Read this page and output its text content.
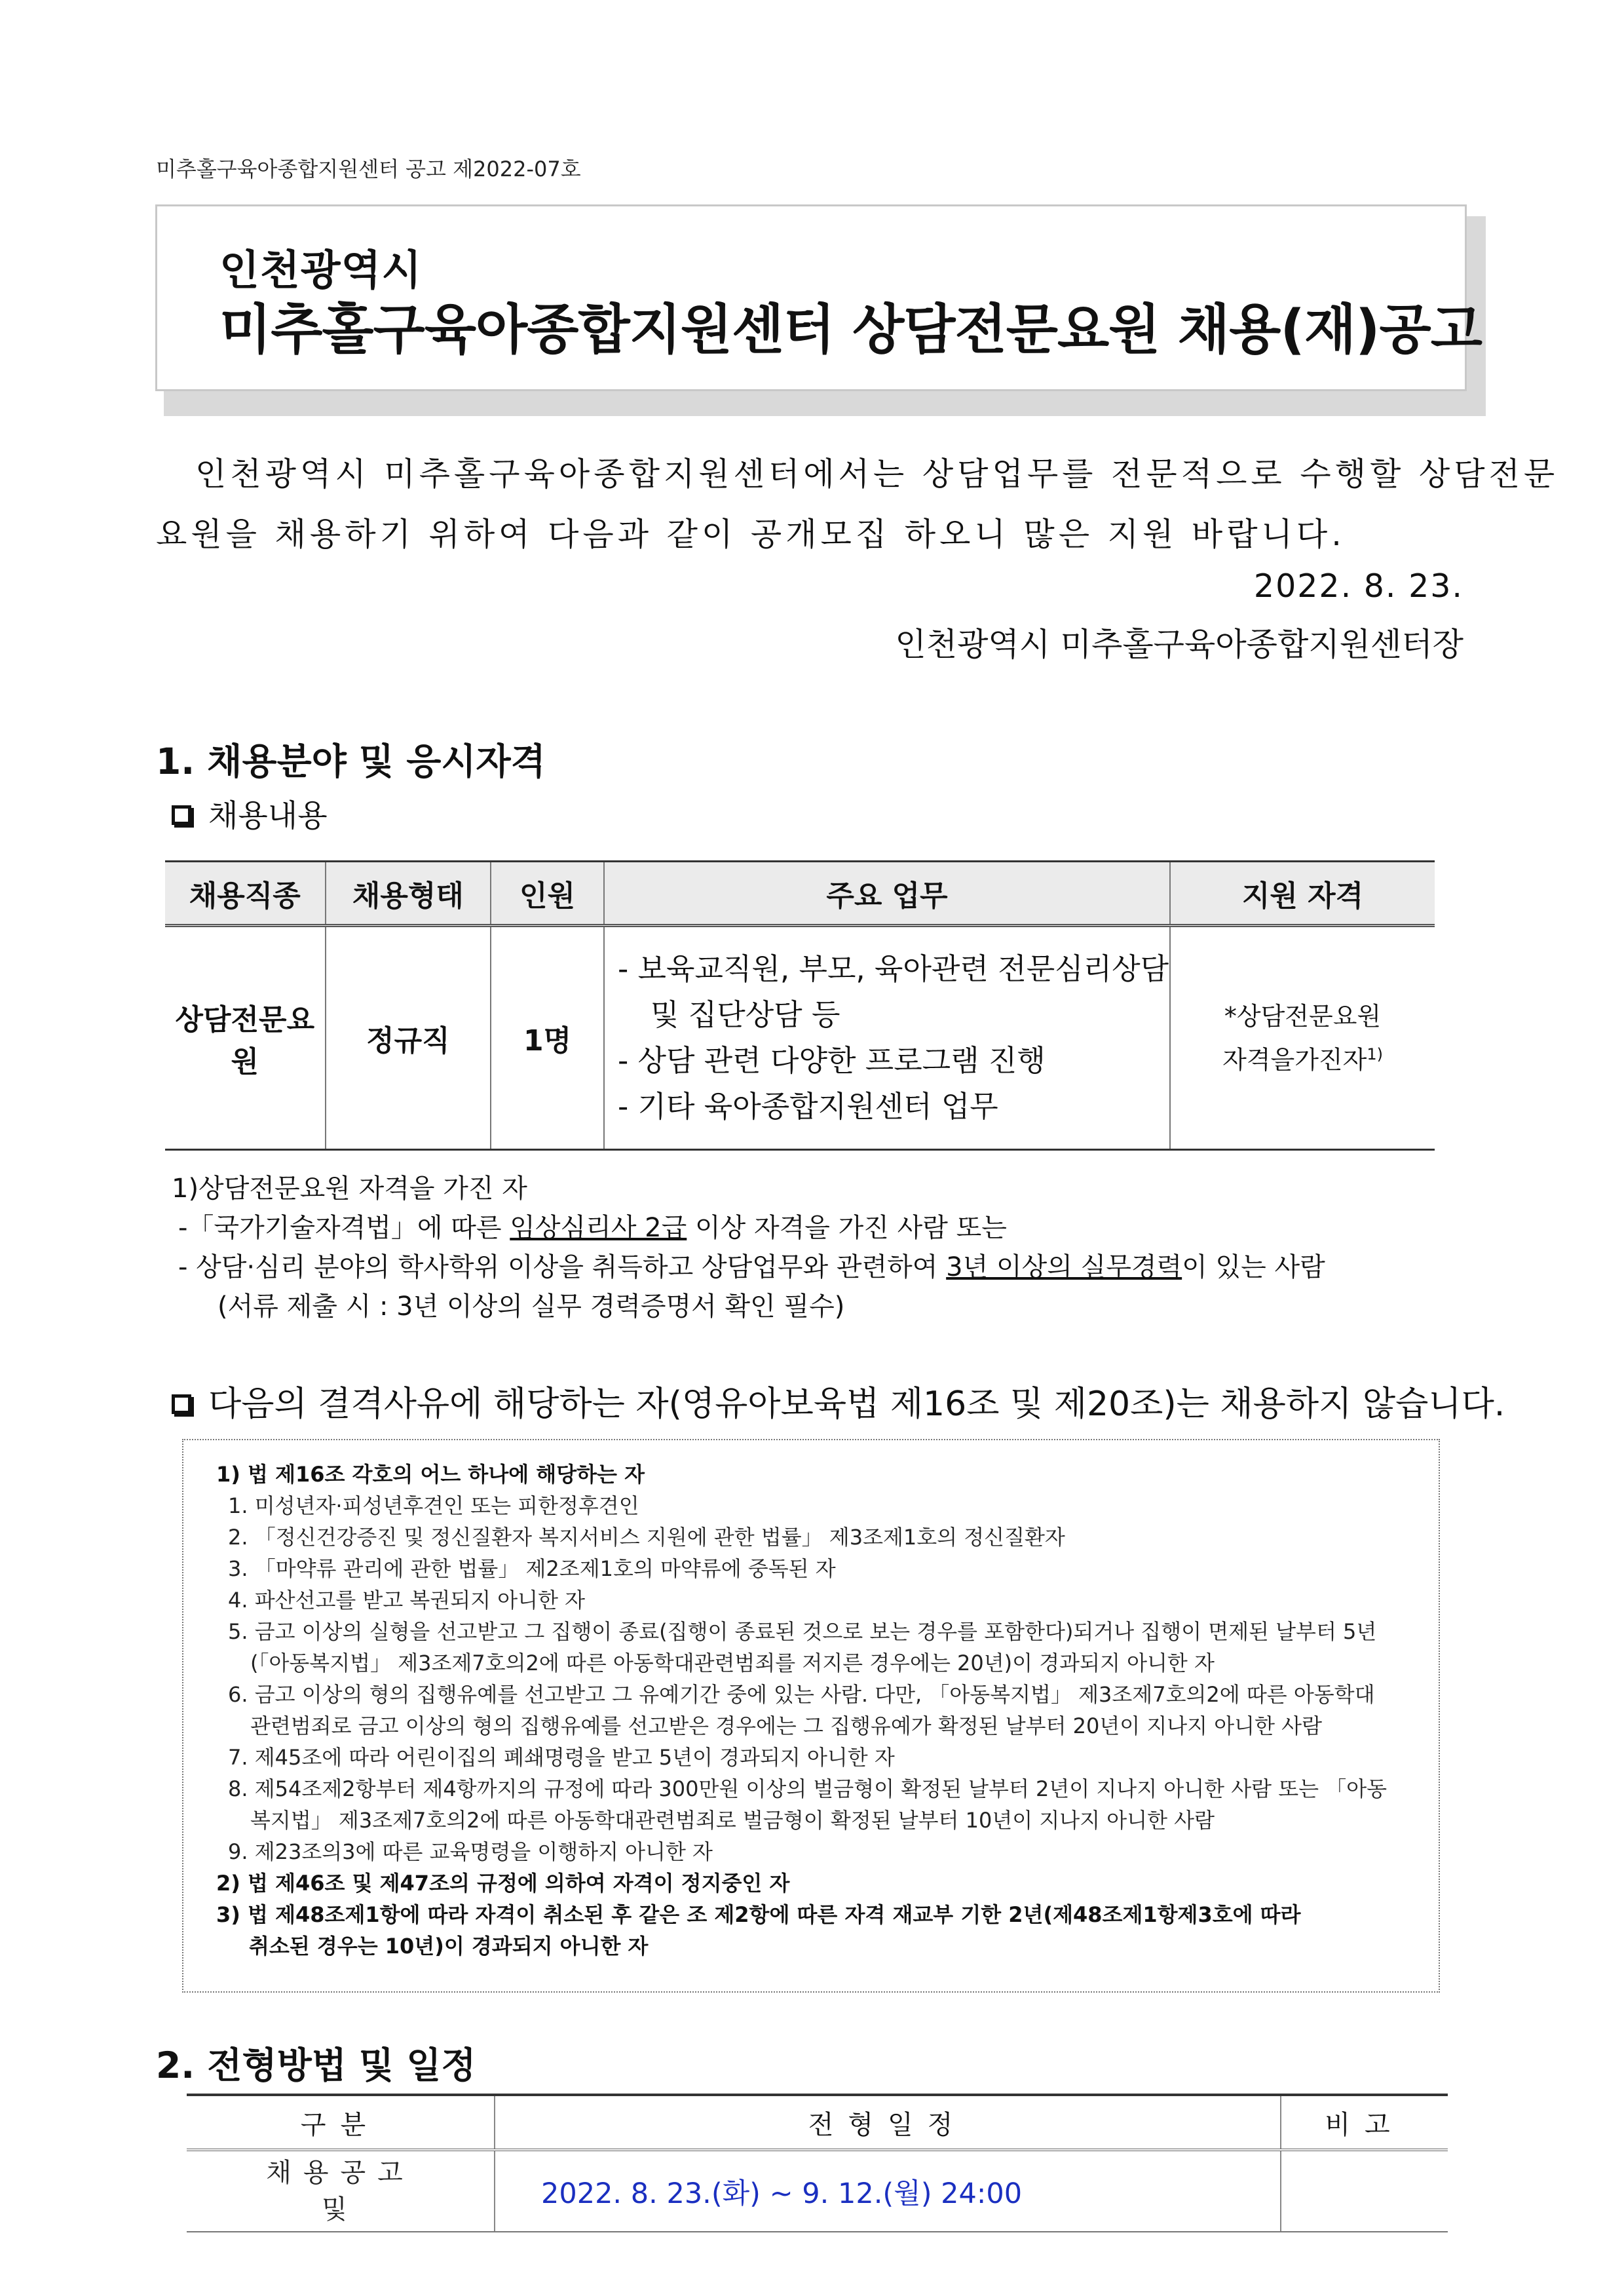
미추홀구육아종합지원센터 공고 제2022-07호
인천광역시
미추홀구육아종합지원센터 상담전문요원 채용(재)공고
인천광역시 미추홀구육아종합지원센터에서는 상담업무를 전문적으로 수행할 상담전문
요원을 채용하기 위하여 다음과 같이 공개모집 하오니 많은 지원 바랍니다.
2022. 8. 23.
인천광역시 미추홀구육아종합지원센터장
1. 채용분야 및 응시자격
채용내용
채용직종	채용형태	인원	주요 업무	지원 자격
상담전문요원	정규직	1명	- 보육교직원, 부모, 육아관련 전문심리상담
및 집단상담 등
- 상담 관련 다양한 프로그램 진행
- 기타 육아종합지원센터 업무	*상담전문요원
자격을가진자$^{1)}$
1)상담전문요원 자격을 가진 자
-「국가기술자격법」에 따른 임상심리사 2급 이상 자격을 가진 사람 또는
- 상담·심리 분야의 학사학위 이상을 취득하고 상담업무와 관련하여 3년 이상의 실무경력이 있는 사람
(서류 제출 시 : 3년 이상의 실무 경력증명서 확인 필수)
다음의 결격사유에 해당하는 자(영유아보육법 제16조 및 제20조)는 채용하지 않습니다.
1) 법 제16조 각호의 어느 하나에 해당하는 자
1. 미성년자·피성년후견인 또는 피한정후견인
2. 「정신건강증진 및 정신질환자 복지서비스 지원에 관한 법률」 제3조제1호의 정신질환자
3. 「마약류 관리에 관한 법률」 제2조제1호의 마약류에 중독된 자
4. 파산선고를 받고 복권되지 아니한 자
5. 금고 이상의 실형을 선고받고 그 집행이 종료(집행이 종료된 것으로 보는 경우를 포함한다)되거나 집행이 면제된 날부터 5년
(「아동복지법」 제3조제7호의2에 따른 아동학대관련범죄를 저지른 경우에는 20년)이 경과되지 아니한 자
6. 금고 이상의 형의 집행유예를 선고받고 그 유예기간 중에 있는 사람. 다만, 「아동복지법」 제3조제7호의2에 따른 아동학대
관련범죄로 금고 이상의 형의 집행유예를 선고받은 경우에는 그 집행유예가 확정된 날부터 20년이 지나지 아니한 사람
7. 제45조에 따라 어린이집의 폐쇄명령을 받고 5년이 경과되지 아니한 자
8. 제54조제2항부터 제4항까지의 규정에 따라 300만원 이상의 벌금형이 확정된 날부터 2년이 지나지 아니한 사람 또는 「아동
복지법」 제3조제7호의2에 따른 아동학대관련범죄로 벌금형이 확정된 날부터 10년이 지나지 아니한 사람
9. 제23조의3에 따른 교육명령을 이행하지 아니한 자
2) 법 제46조 및 제47조의 규정에 의하여 자격이 정지중인 자
3) 법 제48조제1항에 따라 자격이 취소된 후 같은 조 제2항에 따른 자격 재교부 기한 2년(제48조제1항제3호에 따라
취소된 경우는 10년)이 경과되지 아니한 자
2. 전형방법 및 일정
구분	전형일정	비고
채용공고
및	2022. 8. 23.(화) ~ 9. 12.(월) 24:00	
